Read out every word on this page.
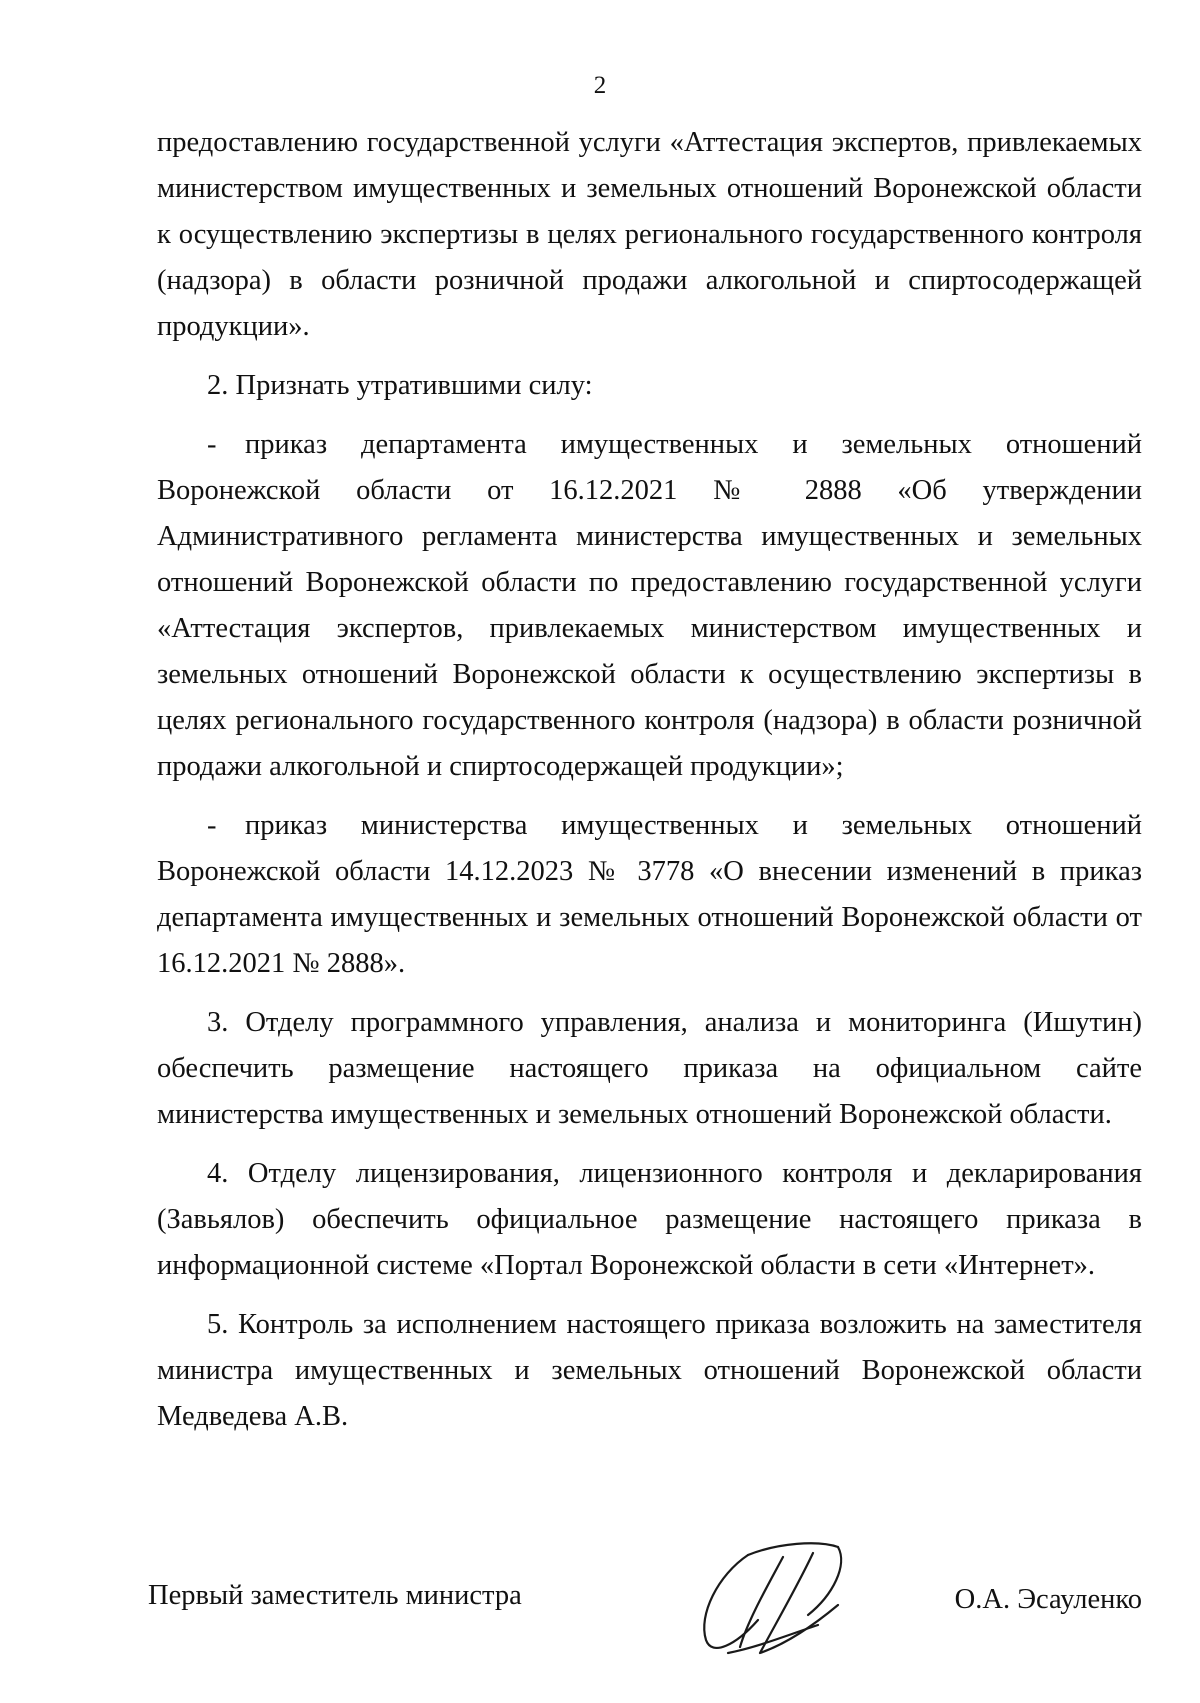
2

предоставлению государственной услуги «Аттестация экспертов, привлекаемых министерством имущественных и земельных отношений Воронежской области к осуществлению экспертизы в целях регионального государственного контроля (надзора) в области розничной продажи алкогольной и спиртосодержащей продукции».

2. Признать утратившими силу:

- приказ департамента имущественных и земельных отношений Воронежской области от 16.12.2021 № 2888 «Об утверждении Административного регламента министерства имущественных и земельных отношений Воронежской области по предоставлению государственной услуги «Аттестация экспертов, привлекаемых министерством имущественных и земельных отношений Воронежской области к осуществлению экспертизы в целях регионального государственного контроля (надзора) в области розничной продажи алкогольной и спиртосодержащей продукции»;

- приказ министерства имущественных и земельных отношений Воронежской области 14.12.2023 № 3778 «О внесении изменений в приказ департамента имущественных и земельных отношений Воронежской области от 16.12.2021 № 2888».

3. Отделу программного управления, анализа и мониторинга (Ишутин) обеспечить размещение настоящего приказа на официальном сайте министерства имущественных и земельных отношений Воронежской области.

4. Отделу лицензирования, лицензионного контроля и декларирования (Завьялов) обеспечить официальное размещение настоящего приказа в информационной системе «Портал Воронежской области в сети «Интернет».

5. Контроль за исполнением настоящего приказа возложить на заместителя министра имущественных и земельных отношений Воронежской области Медведева А.В.

Первый заместитель министра	О.А. Эсауленко
